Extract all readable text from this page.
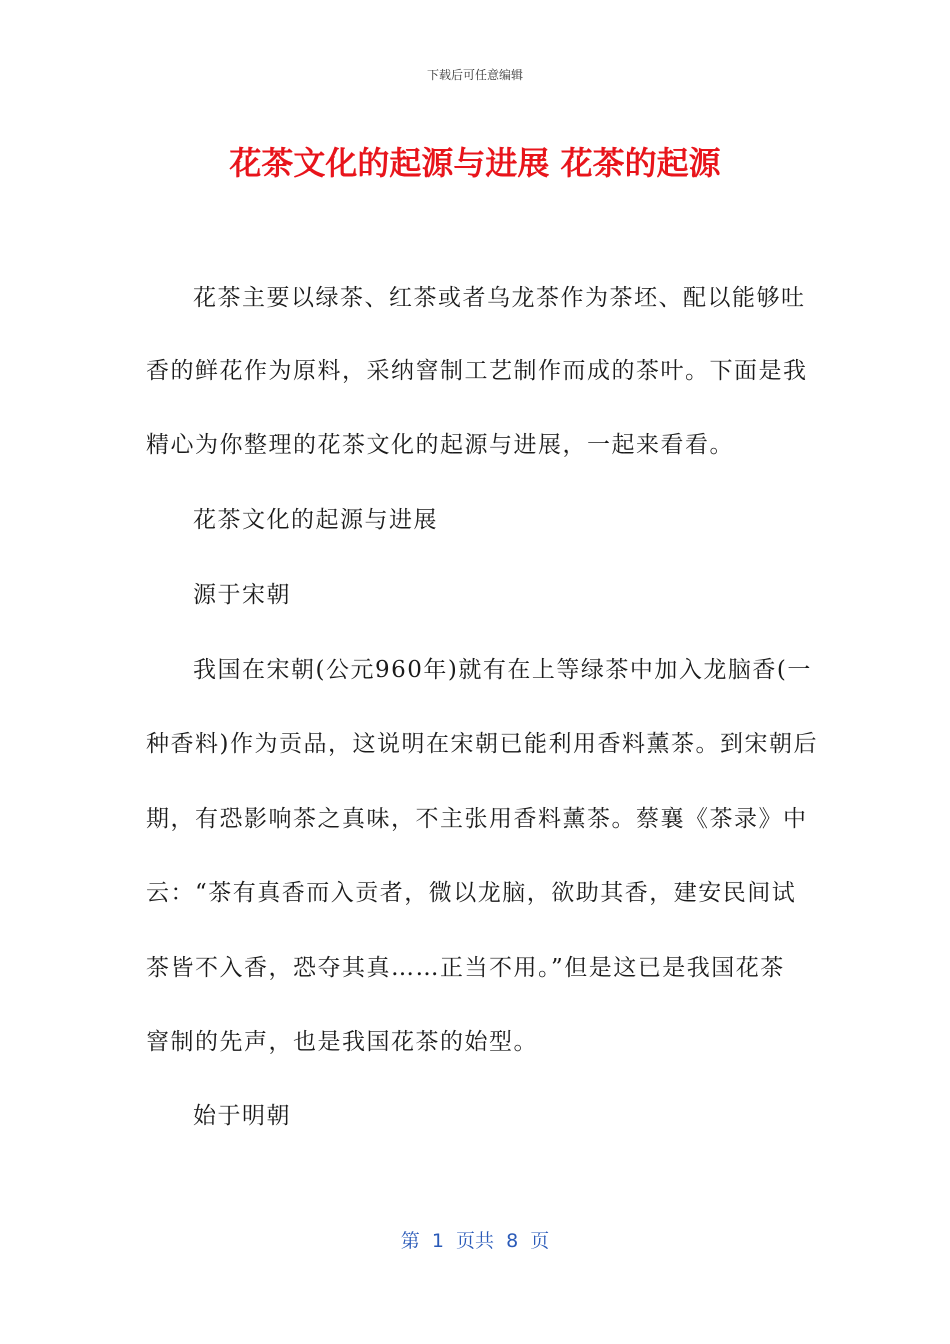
下载后可任意编辑
花茶文化的起源与进展 花茶的起源
花茶主要以绿茶、红茶或者乌龙茶作为茶坯、配以能够吐
香的鲜花作为原料，采纳窨制工艺制作而成的茶叶。下面是我
精心为你整理的花茶文化的起源与进展，一起来看看。
花茶文化的起源与进展
源于宋朝
我国在宋朝(公元960年)就有在上等绿茶中加入龙脑香(一
种香料)作为贡品，这说明在宋朝已能利用香料薰茶。到宋朝后
期，有恐影响茶之真味，不主张用香料薰茶。蔡襄《茶录》中
云：“茶有真香而入贡者，微以龙脑，欲助其香，建安民间试
茶皆不入香，恐夺其真……正当不用。”但是这已是我国花茶
窨制的先声，也是我国花茶的始型。
始于明朝
第  1  页共  8  页
